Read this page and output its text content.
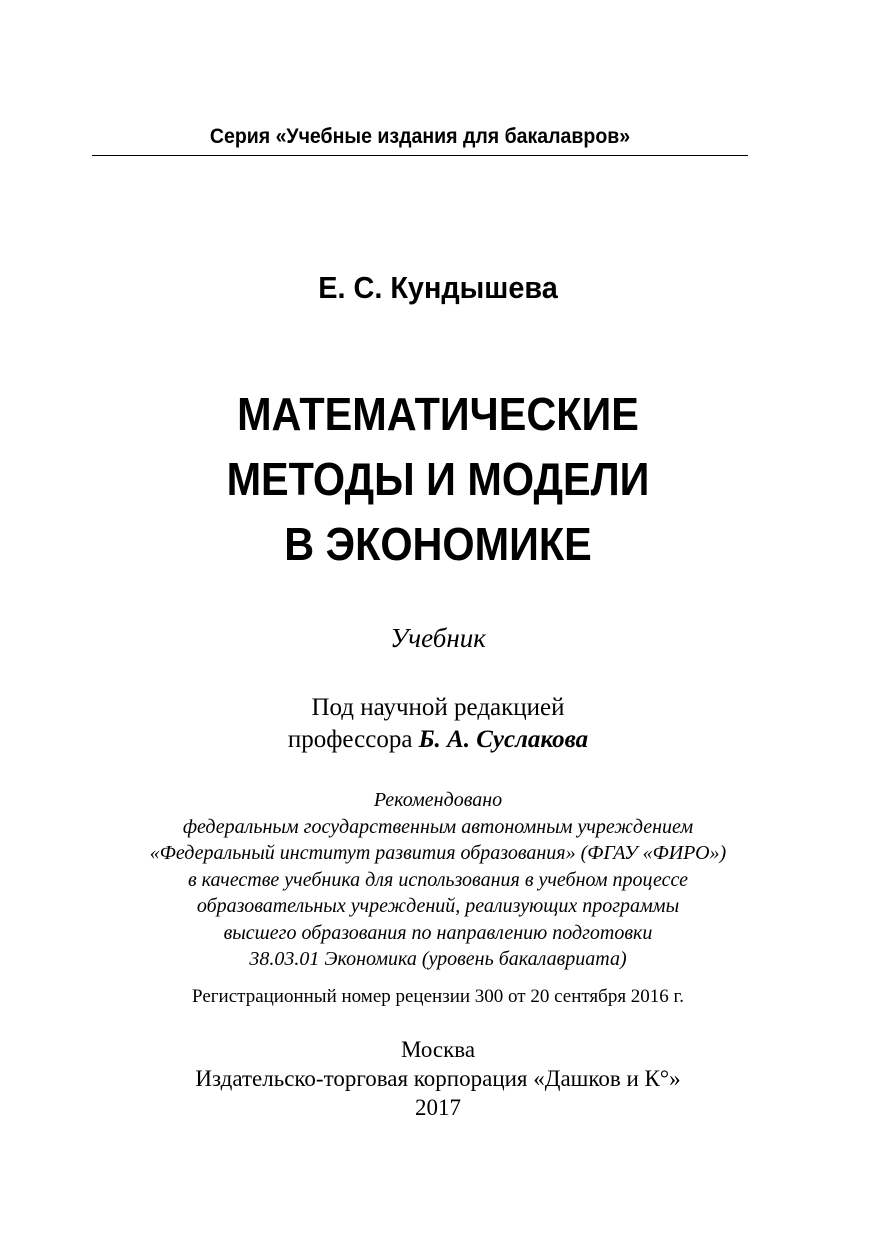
Серия «Учебные издания для бакалавров»
Е. С. Кундышева
МАТЕМАТИЧЕСКИЕ
МЕТОДЫ И МОДЕЛИ
В ЭКОНОМИКЕ
Учебник
Под научной редакцией
профессора Б. А. Суслакова
Рекомендовано
федеральным государственным автономным учреждением
«Федеральный институт развития образования» (ФГАУ «ФИРО»)
в качестве учебника для использования в учебном процессе
образовательных учреждений, реализующих программы
высшего образования по направлению подготовки
38.03.01 Экономика (уровень бакалавриата)
Регистрационный номер рецензии 300 от 20 сентября 2016 г.
Москва
Издательско-торговая корпорация «Дашков и К°»
2017
